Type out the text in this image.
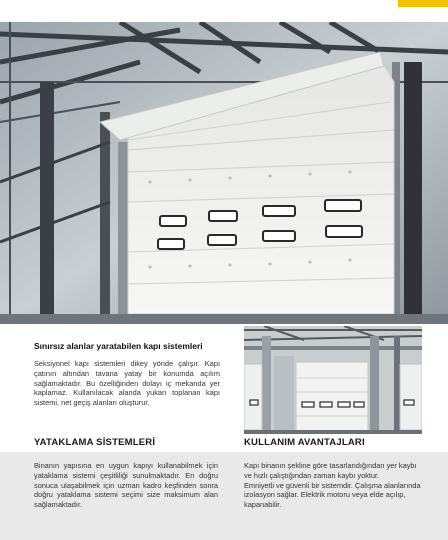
Sınırsız alanlar yaratabilen kapı sistemleri
Seksiyonel kapı sistemleri dikey yönde çalışır. Kapı çatının altından tavana yatay bir konumda açılım sağlamaktadır. Bu özelliğinden dolayı iç mekanda yer kaplamaz. Kullanılacak alanda yukarı toplanan kapı sistemi, net geçiş alanları oluşturur.
YATAKLAMA SİSTEMLERİ	KULLANIM AVANTAJLARI
Binanın yapısına en uygun kapıyı kullanabilmek için yataklama sistemi çeşitliliği sunulmaktadır. En doğru sonuca ulaşabilmek için uzman kadro keşfinden sonra doğru yataklama sistemi seçimi size maksimum alan sağlamaktadır.

Kapı binanın şekline göre tasarlandığından yer kaybı ve hızlı çalıştığından zaman kaybı yoktur.

Emniyetli ve güvenli bir sistemdir. Çalışma alanlarında izolasyon sağlar. Elektrik motoru veya elde açılıp, kapanabilir.
